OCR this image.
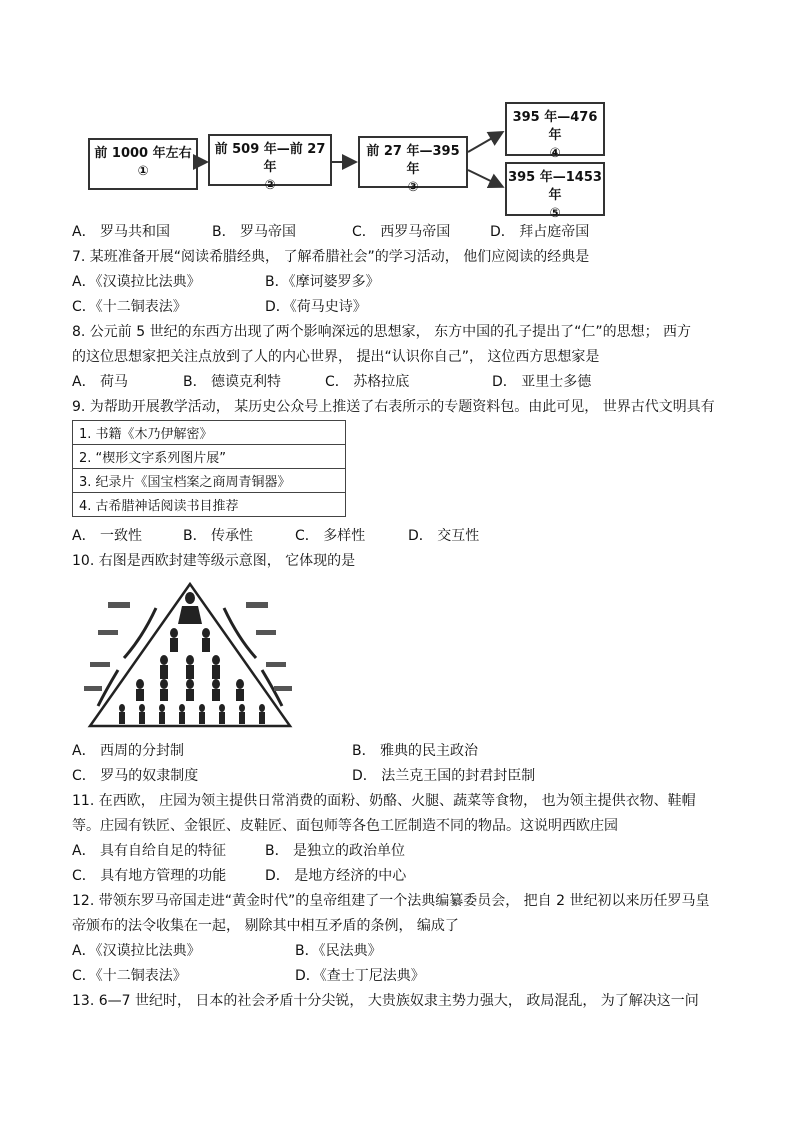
前 1000 年左右
①
前 509 年—前 27 年
②
前 27 年—395 年
③
395 年—476 年
④
395 年—1453 年
⑤
A． 罗马共和国	B． 罗马帝国	C． 西罗马帝国	D． 拜占庭帝国
7. 某班准备开展“阅读希腊经典， 了解希腊社会”的学习活动， 他们应阅读的经典是
A．《汉谟拉比法典》	B．《摩诃婆罗多》
C．《十二铜表法》	D．《荷马史诗》
8. 公元前 5 世纪的东西方出现了两个影响深远的思想家， 东方中国的孔子提出了“仁”的思想； 西方
的这位思想家把关注点放到了人的内心世界， 提出“认识你自己”， 这位西方思想家是
A． 荷马	B． 德谟克利特	C． 苏格拉底	D． 亚里士多德
9. 为帮助开展教学活动， 某历史公众号上推送了右表所示的专题资料包。由此可见， 世界古代文明具有
1. 书籍《木乃伊解密》
2. “楔形文字系列图片展”
3. 纪录片《国宝档案之商周青铜器》
4. 古希腊神话阅读书目推荐
A． 一致性	B． 传承性	C． 多样性	D． 交互性
10. 右图是西欧封建等级示意图， 它体现的是
A． 西周的分封制	B． 雅典的民主政治
C． 罗马的奴隶制度	D． 法兰克王国的封君封臣制
11. 在西欧， 庄园为领主提供日常消费的面粉、奶酪、火腿、蔬菜等食物， 也为领主提供衣物、鞋帽
等。庄园有铁匠、金银匠、皮鞋匠、面包师等各色工匠制造不同的物品。这说明西欧庄园
A． 具有自给自足的特征	B． 是独立的政治单位
C． 具有地方管理的功能	D． 是地方经济的中心
12. 带领东罗马帝国走进“黄金时代”的皇帝组建了一个法典编纂委员会， 把自 2 世纪初以来历任罗马皇
帝颁布的法令收集在一起， 剔除其中相互矛盾的条例， 编成了
A．《汉谟拉比法典》	B．《民法典》
C．《十二铜表法》	D．《查士丁尼法典》
13. 6—7 世纪时， 日本的社会矛盾十分尖锐， 大贵族奴隶主势力强大， 政局混乱， 为了解决这一问
